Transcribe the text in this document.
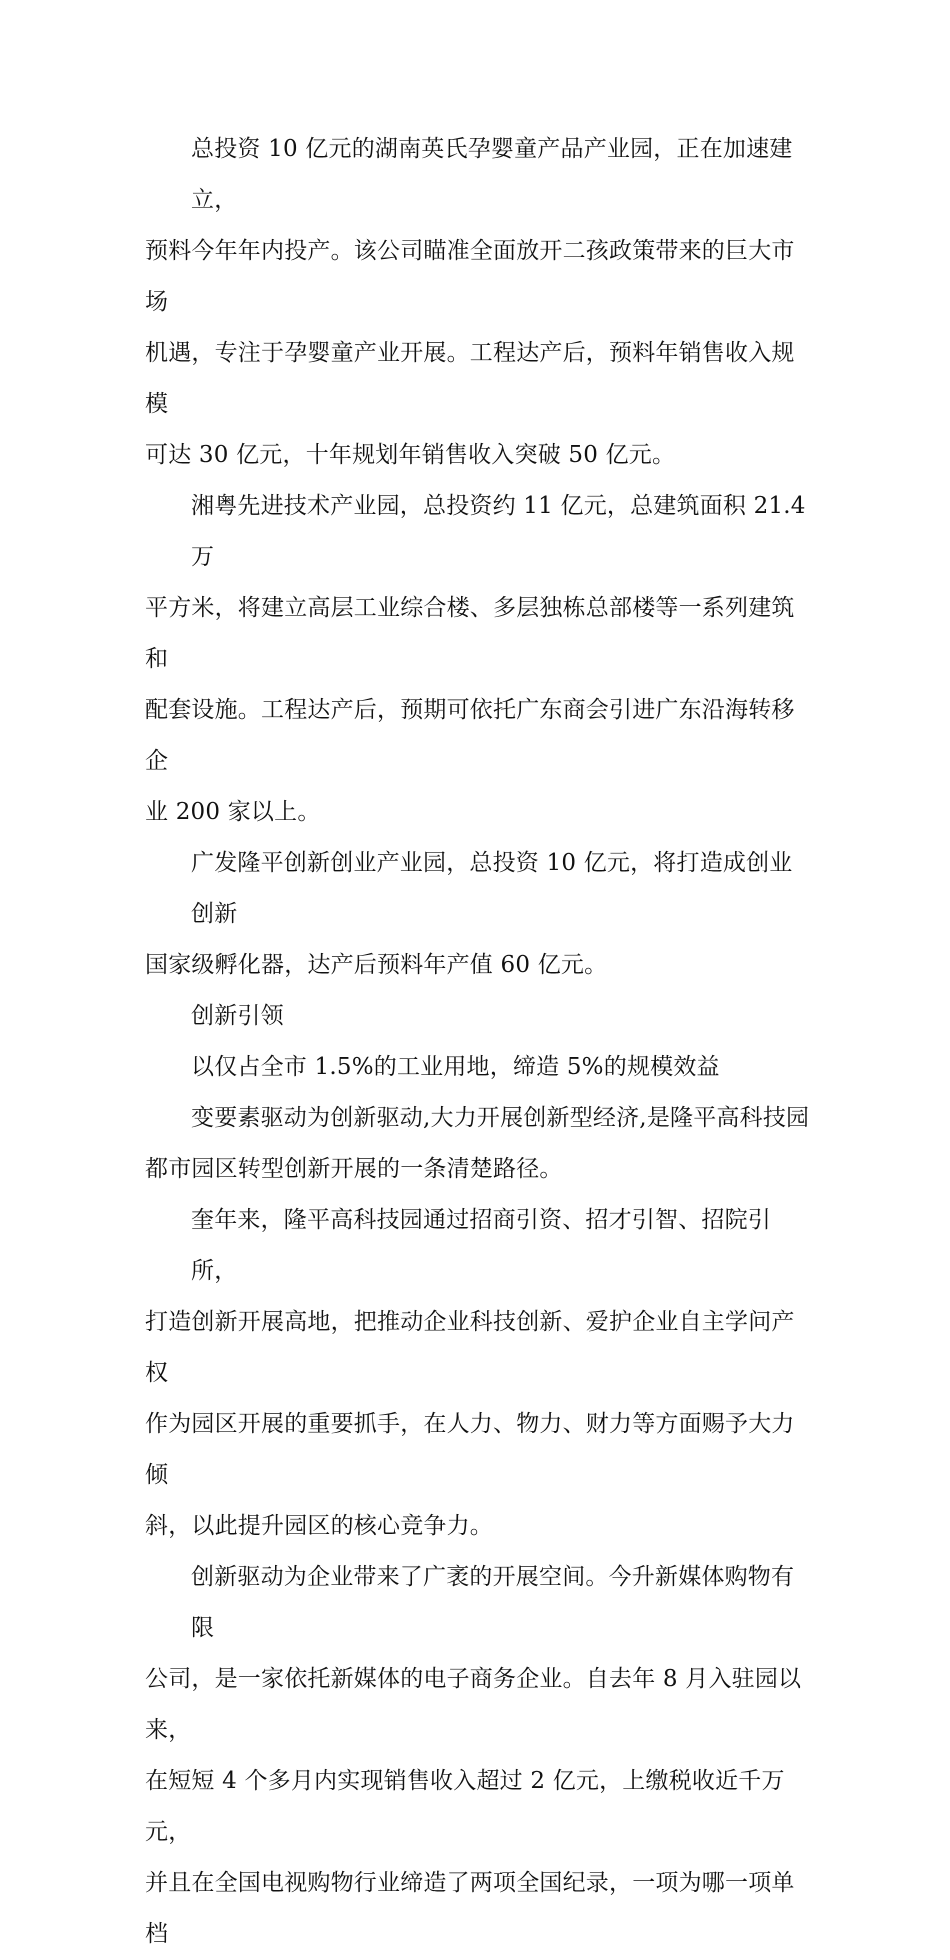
总投资 10 亿元的湖南英氏孕婴童产品产业园，正在加速建立，
预料今年年内投产。该公司瞄准全面放开二孩政策带来的巨大市场
机遇，专注于孕婴童产业开展。工程达产后，预料年销售收入规模
可达 30 亿元，十年规划年销售收入突破 50 亿元。

湘粤先进技术产业园，总投资约 11 亿元，总建筑面积 21.4 万
平方米，将建立高层工业综合楼、多层独栋总部楼等一系列建筑和
配套设施。工程达产后，预期可依托广东商会引进广东沿海转移企
业 200 家以上。

广发隆平创新创业产业园，总投资 10 亿元，将打造成创业创新
国家级孵化器，达产后预料年产值 60 亿元。

创新引领

以仅占全市 1.5%的工业用地，缔造 5%的规模效益

变要素驱动为创新驱动,大力开展创新型经济,是隆平高科技园
都市园区转型创新开展的一条清楚路径。

奎年来，隆平高科技园通过招商引资、招才引智、招院引所，
打造创新开展高地，把推动企业科技创新、爱护企业自主学问产权
作为园区开展的重要抓手，在人力、物力、财力等方面赐予大力倾
斜，以此提升园区的核心竞争力。

创新驱动为企业带来了广袤的开展空间。今升新媒体购物有限
公司，是一家依托新媒体的电子商务企业。自去年 8 月入驻园以来，
在短短 4 个多月内实现销售收入超过 2 亿元，上缴税收近千万元，
并且在全国电视购物行业缔造了两项全国纪录，一项为哪一项单档
